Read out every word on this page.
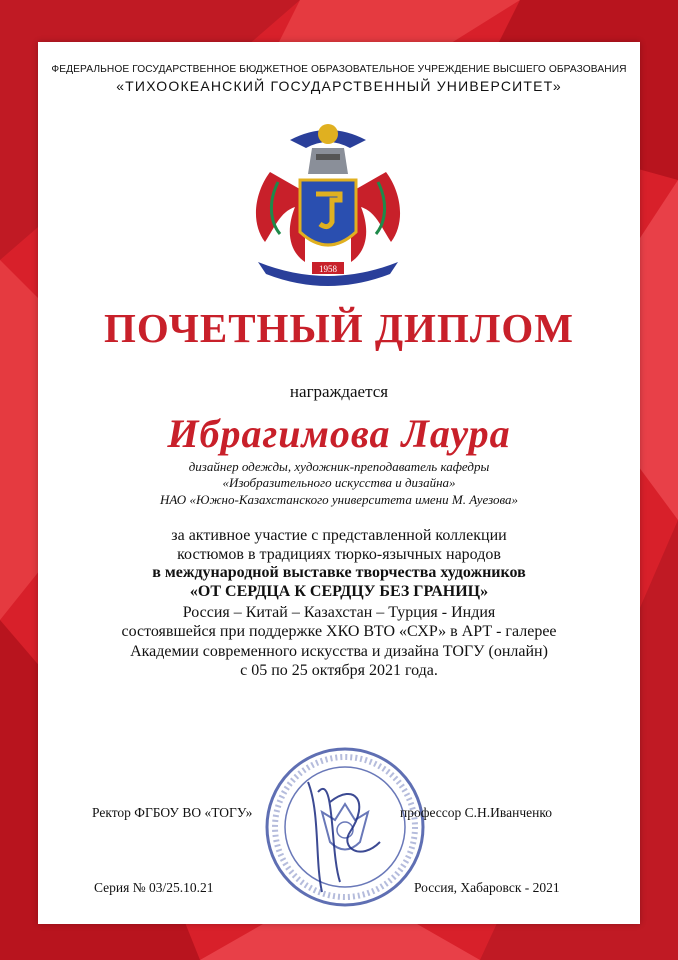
ФЕДЕРАЛЬНОЕ ГОСУДАРСТВЕННОЕ БЮДЖЕТНОЕ ОБРАЗОВАТЕЛЬНОЕ УЧРЕЖДЕНИЕ ВЫСШЕГО ОБРАЗОВАНИЯ
«ТИХООКЕАНСКИЙ ГОСУДАРСТВЕННЫЙ УНИВЕРСИТЕТ»
1958
ПОЧЕТНЫЙ ДИПЛОМ
награждается
Ибрагимова Лаура
дизайнер одежды, художник-преподаватель кафедры
«Изобразительного искусства и дизайна»
НАО «Южно-Казахстанского университета имени М. Ауезова»
за активное участие с представленной коллекции
костюмов в традициях тюрко-язычных народов
в международной выставке творчества художников
«ОТ СЕРДЦА К СЕРДЦУ БЕЗ ГРАНИЦ»
Россия – Китай – Казахстан – Турция - Индия
состоявшейся при поддержке ХКО ВТО «СХР» в АРТ - галерее
Академии современного искусства и дизайна ТОГУ (онлайн)
с 05 по 25 октября 2021 года.
Ректор ФГБОУ ВО «ТОГУ»	профессор С.Н.Иванченко
Серия № 03/25.10.21	Россия, Хабаровск - 2021
